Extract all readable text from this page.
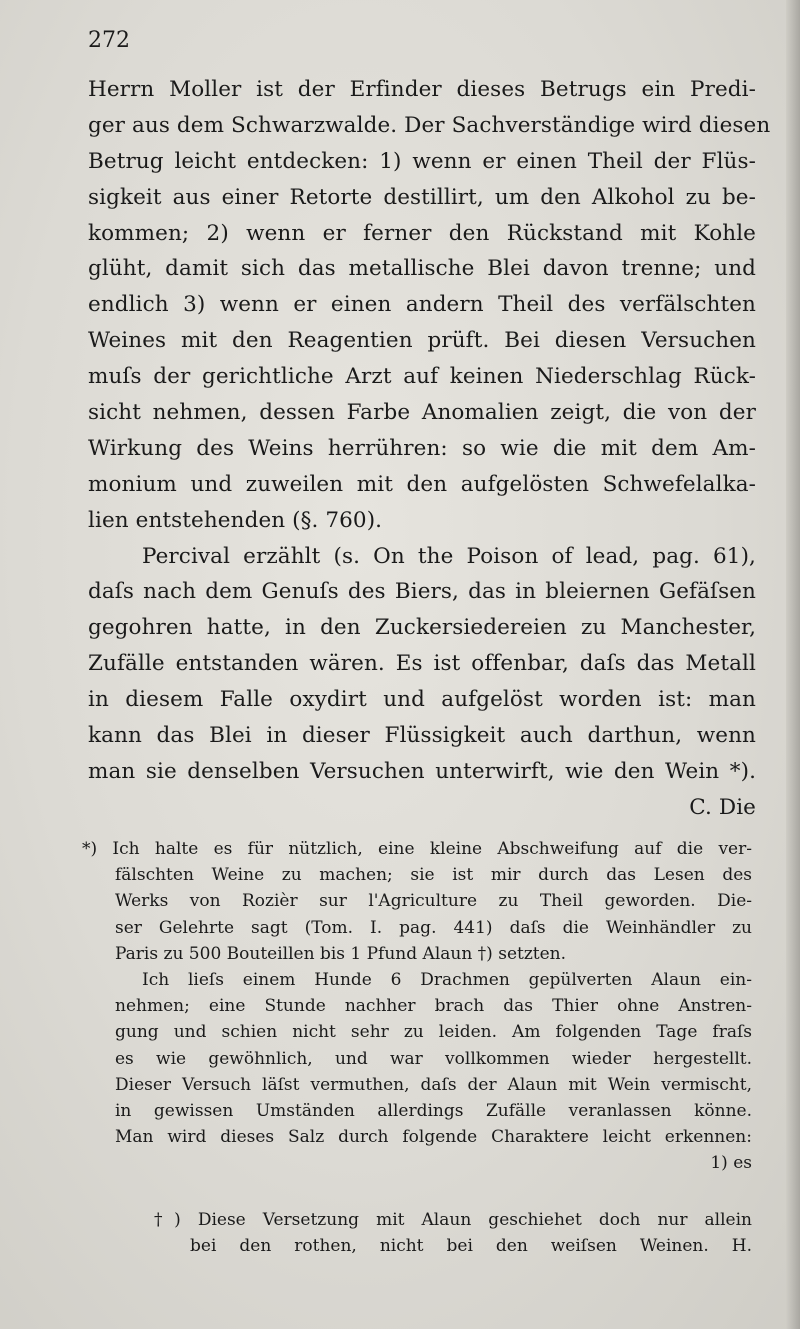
272
Herrn Moller ist der Erfinder dieses Betrugs ein Predi-
ger aus dem Schwarzwalde. Der Sachverständige wird diesen
Betrug leicht entdecken: 1) wenn er einen Theil der Flüs-
sigkeit aus einer Retorte destillirt, um den Alkohol zu be-
kommen; 2) wenn er ferner den Rückstand mit Kohle
glüht, damit sich das metallische Blei davon trenne; und
endlich 3) wenn er einen andern Theil des verfälschten
Weines mit den Reagentien prüft. Bei diesen Versuchen
muſs der gerichtliche Arzt auf keinen Niederschlag Rück-
sicht nehmen, dessen Farbe Anomalien zeigt, die von der
Wirkung des Weins herrühren: so wie die mit dem Am-
monium und zuweilen mit den aufgelösten Schwefelalka-
lien entstehenden (§. 760).
Percival erzählt (s. On the Poison of lead, pag. 61),
daſs nach dem Genuſs des Biers, das in bleiernen Gefäſsen
gegohren hatte, in den Zuckersiedereien zu Manchester,
Zufälle entstanden wären. Es ist offenbar, daſs das Metall
in diesem Falle oxydirt und aufgelöst worden ist: man
kann das Blei in dieser Flüssigkeit auch darthun, wenn
man sie denselben Versuchen unterwirft, wie den Wein *).
C. Die
*) Ich halte es für nützlich, eine kleine Abschweifung auf die ver-
fälschten Weine zu machen; sie ist mir durch das Lesen des
Werks von Rozièr sur l'Agriculture zu Theil geworden. Die-
ser Gelehrte sagt (Tom. I. pag. 441) daſs die Weinhändler zu
Paris zu 500 Bouteillen bis 1 Pfund Alaun †) setzten.
Ich lieſs einem Hunde 6 Drachmen gepülverten Alaun ein-
nehmen; eine Stunde nachher brach das Thier ohne Anstren-
gung und schien nicht sehr zu leiden. Am folgenden Tage fraſs
es wie gewöhnlich, und war vollkommen wieder hergestellt.
Dieser Versuch läſst vermuthen, daſs der Alaun mit Wein vermischt,
in gewissen Umständen allerdings Zufälle veranlassen könne.
Man wird dieses Salz durch folgende Charaktere leicht erkennen:
1) es
†) Diese Versetzung mit Alaun geschiehet doch nur allein
bei den rothen, nicht bei den weiſsen Weinen. H.
